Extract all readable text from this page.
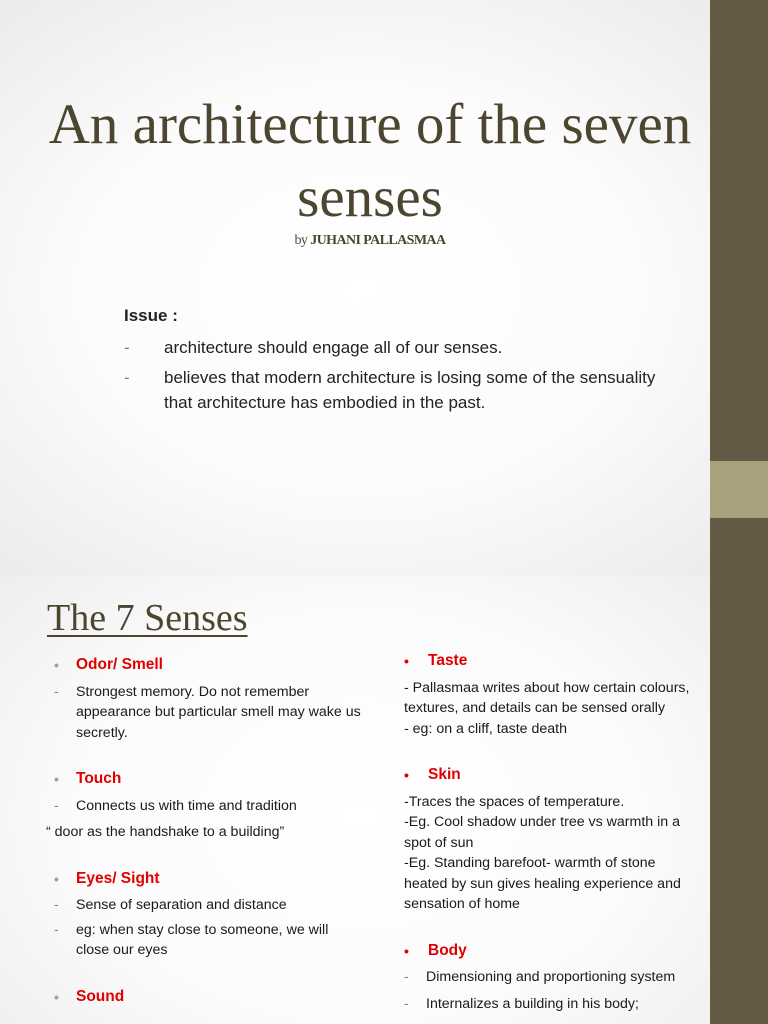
An architecture of the seven senses
by JUHANI PALLASMAA
Issue :
-	architecture should engage all of our senses.
-	believes that modern architecture is losing some of the sensuality that architecture has embodied in the past.
The 7 Senses
•	Odor/ Smell
-	Strongest memory. Do not remember appearance but particular smell may wake us secretly.
•	Touch
-	Connects us with time and tradition
“ door as the handshake to a building”
•	Eyes/ Sight
-	Sense of separation and distance
-	eg: when stay close to someone, we will close our eyes
•	Sound
•	Taste
- Pallasmaa writes about how certain colours, textures, and details can be sensed orally
- eg: on a cliff, taste death
•	Skin
-Traces the spaces of temperature.
-Eg. Cool shadow under tree vs warmth in a spot of sun
-Eg. Standing barefoot- warmth of stone heated by sun gives healing experience and sensation of home
•	Body
-	Dimensioning and proportioning system
-	Internalizes a building in his body;
